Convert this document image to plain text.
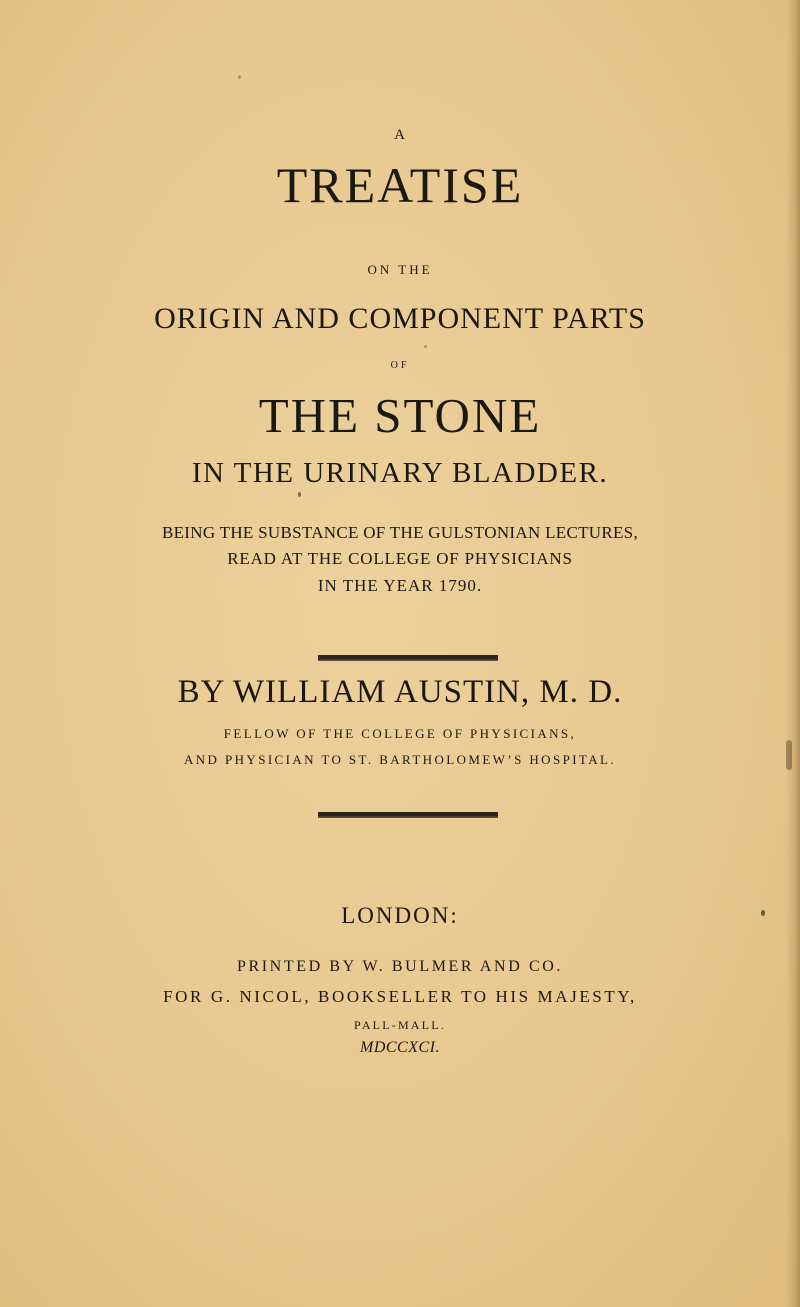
A
TREATISE
ON THE
ORIGIN AND COMPONENT PARTS
OF
THE STONE
IN THE URINARY BLADDER.
BEING THE SUBSTANCE OF THE GULSTONIAN LECTURES,
READ AT THE COLLEGE OF PHYSICIANS
IN THE YEAR 1790.
BY WILLIAM AUSTIN, M. D.
FELLOW OF THE COLLEGE OF PHYSICIANS,
AND PHYSICIAN TO ST. BARTHOLOMEW’S HOSPITAL.
LONDON:
PRINTED BY W. BULMER AND CO.
FOR G. NICOL, BOOKSELLER TO HIS MAJESTY,
PALL-MALL.
MDCCXCI.
